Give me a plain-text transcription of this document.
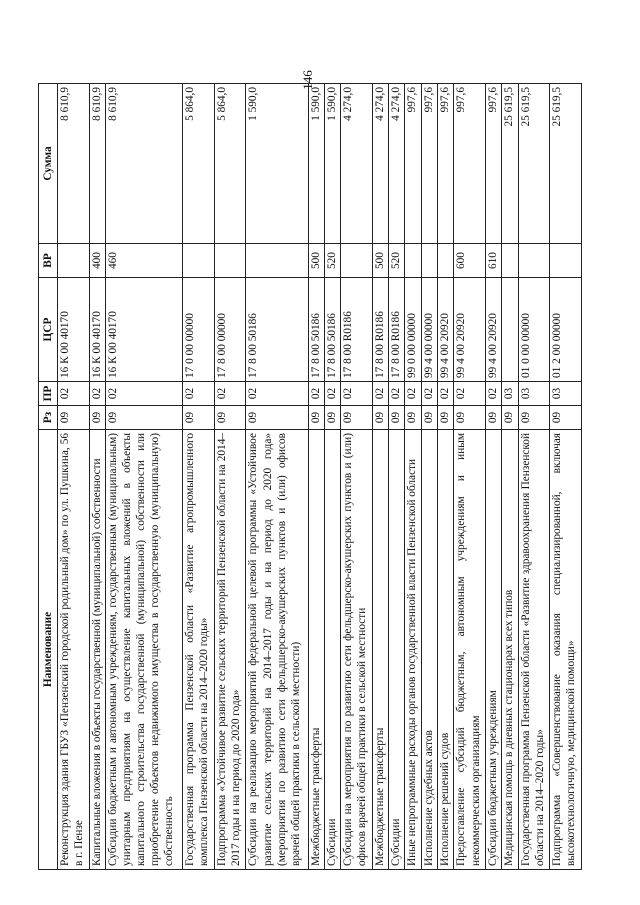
146
Наименование	Рз	ПР	ЦСР	ВР	Сумма
Реконструкция здания ГБУЗ «Пензенский городской родильный дом» по ул. Пушкина, 56 в г. Пензе	09	02	16 К 00 40170		8 610,9
Капитальные вложения в объекты государственной (муниципальной) собственности	09	02	16 К 00 40170	400	8 610,9
Субсидии бюджетным и автономным учреждениям, государственным (муниципальным) унитарным предприятиям на осуществление капитальных вложений в объекты капитального строительства государственной (муниципальной) собственности или приобретение объектов недвижимого имущества в государственную (муниципальную) собственность	09	02	16 К 00 40170	460	8 610,9
Государственная программа Пензенской области «Развитие агропромышленного комплекса Пензенской области на 2014–2020 годы»	09	02	17 0 00 00000		5 864,0
Подпрограмма «Устойчивое развитие сельских территорий Пензенской области на 2014–2017 годы и на период до 2020 года»	09	02	17 8 00 00000		5 864,0
Субсидии на реализацию мероприятий федеральной целевой программы «Устойчивое развитие сельских территорий на 2014–2017 годы и на период до 2020 года» (мероприятия по развитию сети фельдшерско-акушерских пунктов и (или) офисов врачей общей практики в сельской местности)	09	02	17 8 00 50186		1 590,0
Межбюджетные трансферты	09	02	17 8 00 50186	500	1 590,0
Субсидии	09	02	17 8 00 50186	520	1 590,0
Субсидии на мероприятия по развитию сети фельдшерско-акушерских пунктов и (или) офисов врачей общей практики в сельской местности	09	02	17 8 00 R0186		4 274,0
Межбюджетные трансферты	09	02	17 8 00 R0186	500	4 274,0
Субсидии	09	02	17 8 00 R0186	520	4 274,0
Иные непрограммные расходы органов государственной власти Пензенской области	09	02	99 0 00 00000		997,6
Исполнение судебных актов	09	02	99 4 00 00000		997,6
Исполнение решений судов	09	02	99 4 00 20920		997,6
Предоставление субсидий бюджетным, автономным учреждениям и иным некоммерческим организациям	09	02	99 4 00 20920	600	997,6
Субсидии бюджетным учреждениям	09	02	99 4 00 20920	610	997,6
Медицинская помощь в дневных стационарах всех типов	09	03			25 619,5
Государственная программа Пензенской области «Развитие здравоохранения Пензенской области на 2014–2020 годы»	09	03	01 0 00 00000		25 619,5
Подпрограмма «Совершенствование оказания специализированной, включая высокотехнологичную, медицинской помощи»	09	03	01 2 00 00000		25 619,5
